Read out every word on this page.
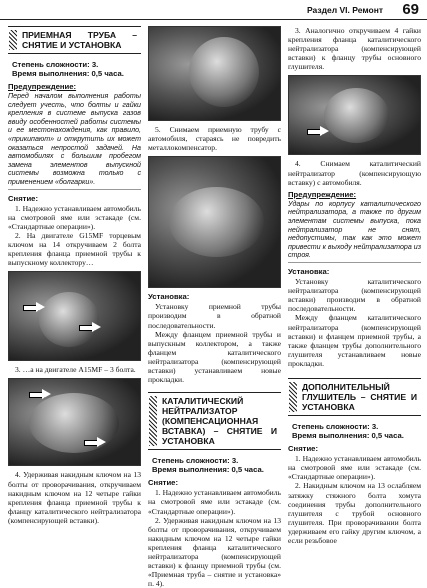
Раздел VI. Ремонт 69
ПРИЕМНАЯ ТРУБА – СНЯТИЕ И УСТАНОВКА
Степень сложности: 3.
Время выполнения: 0,5 часа.
Предупреждение:
Перед началом выполнения работы следует учесть, что болты и гайки крепления в системе выпуска газов ввиду особенностей работы системы и ее местонахождения, как правило, «прикипают» и открутить их может оказаться непростой задачей. На автомобилях с большим пробегом замена элементов выпускной системы возможна только с применением «болгарки».
Снятие:

1. Надежно устанавливаем автомобиль на смотровой яме или эстакаде (см. «Стандартные операции»).

2. На двигателе G15MF торцевым ключом на 14 откручиваем 2 болта крепления фланца приемной трубы к выпускному коллектору…

3. …а на двигателе A15MF – 3 болта.

4. Удерживая накидным ключом на 13 болты от проворачивания, откручиваем накидным ключом на 12 четыре гайки крепления фланца приемной трубы к фланцу каталитического нейтрализатора (компенсирующей вставки).

5. Снимаем приемную трубу с автомобиля, стараясь не повредить металлокомпенсатор.

Установка:

Установку приемной трубы производим в обратной последовательности.

Между фланцем приемной трубы и выпускным коллектором, а также фланцем каталитического нейтрализатора (компенсирующей вставки) устанавливаем новые прокладки.

КАТАЛИТИЧЕСКИЙ НЕЙТРАЛИЗАТОР (КОМПЕНСАЦИОННАЯ ВСТАВКА) – СНЯТИЕ И УСТАНОВКА
Степень сложности: 3.
Время выполнения: 0,5 часа.
Снятие:

1. Надежно устанавливаем автомобиль на смотровой яме или эстакаде (см. «Стандартные операции»).

2. Удерживая накидным ключом на 13 болты от проворачивания, откручиваем накидным ключом на 12 четыре гайки крепления фланца каталитического нейтрализатора (компенсирующей вставки) к фланцу приемной трубы (см. «Приемная труба – снятие и установка» п. 4).

3. Аналогично откручиваем 4 гайки крепления фланца каталитического нейтрализатора (компенсирующей вставки) к фланцу трубы основного глушителя.

4. Снимаем каталитический нейтрализатор (компенсирующую вставку) с автомобиля.

Предупреждение:
Удары по корпусу каталитического нейтрализатора, а также по другим элементам системы выпуска, пока нейтрализатор не снят, недопустимы, так как это может привести к выходу нейтрализатора из строя.
Установка:

Установку каталитического нейтрализатора (компенсирующей вставки) производим в обратной последовательности.

Между фланцем каталитического нейтрализатора (компенсирующей вставки) и фланцем приемной трубы, а также фланцем трубы дополнительного глушителя устанавливаем новые прокладки.

ДОПОЛНИТЕЛЬНЫЙ ГЛУШИТЕЛЬ – СНЯТИЕ И УСТАНОВКА
Степень сложности: 3.
Время выполнения: 0,5 часа.
Снятие:

1. Надежно устанавливаем автомобиль на смотровой яме или эстакаде (см. «Стандартные операции»).

2. Накидным ключом на 13 ослабляем затяжку стяжного болта хомута соединения трубы дополнительного глушителя с трубой основного глушителя. При проворачивании болта удерживаем его гайку другим ключом, а если резьбовое
